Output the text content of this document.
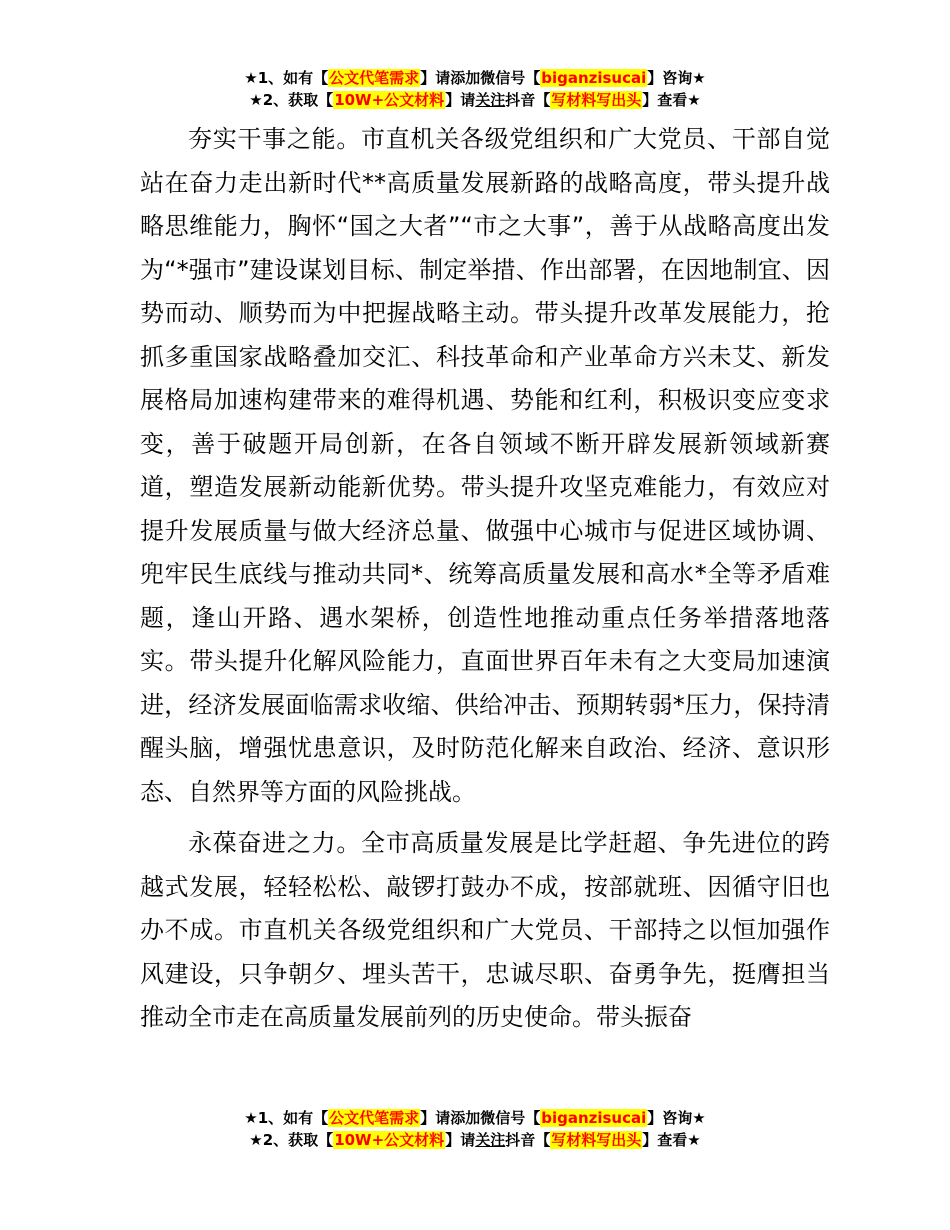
★1、如有【公文代笔需求】请添加微信号【biganzisucai】咨询★
★2、获取【10W+公文材料】请关注抖音【写材料写出头】查看★

夯实干事之能。市直机关各级党组织和广大党员、干部自觉站在奋力走出新时代**高质量发展新路的战略高度，带头提升战略思维能力，胸怀“国之大者”“市之大事”，善于从战略高度出发为“*强市”建设谋划目标、制定举措、作出部署，在因地制宜、因势而动、顺势而为中把握战略主动。带头提升改革发展能力，抢抓多重国家战略叠加交汇、科技革命和产业革命方兴未艾、新发展格局加速构建带来的难得机遇、势能和红利，积极识变应变求变，善于破题开局创新，在各自领域不断开辟发展新领域新赛道，塑造发展新动能新优势。带头提升攻坚克难能力，有效应对提升发展质量与做大经济总量、做强中心城市与促进区域协调、兜牢民生底线与推动共同*、统筹高质量发展和高水*全等矛盾难题，逢山开路、遇水架桥，创造性地推动重点任务举措落地落实。带头提升化解风险能力，直面世界百年未有之大变局加速演进，经济发展面临需求收缩、供给冲击、预期转弱*压力，保持清醒头脑，增强忧患意识，及时防范化解来自政治、经济、意识形态、自然界等方面的风险挑战。

永葆奋进之力。全市高质量发展是比学赶超、争先进位的跨越式发展，轻轻松松、敲锣打鼓办不成，按部就班、因循守旧也办不成。市直机关各级党组织和广大党员、干部持之以恒加强作风建设，只争朝夕、埋头苦干，忠诚尽职、奋勇争先，挺膺担当推动全市走在高质量发展前列的历史使命。带头振奋

★1、如有【公文代笔需求】请添加微信号【biganzisucai】咨询★
★2、获取【10W+公文材料】请关注抖音【写材料写出头】查看★
